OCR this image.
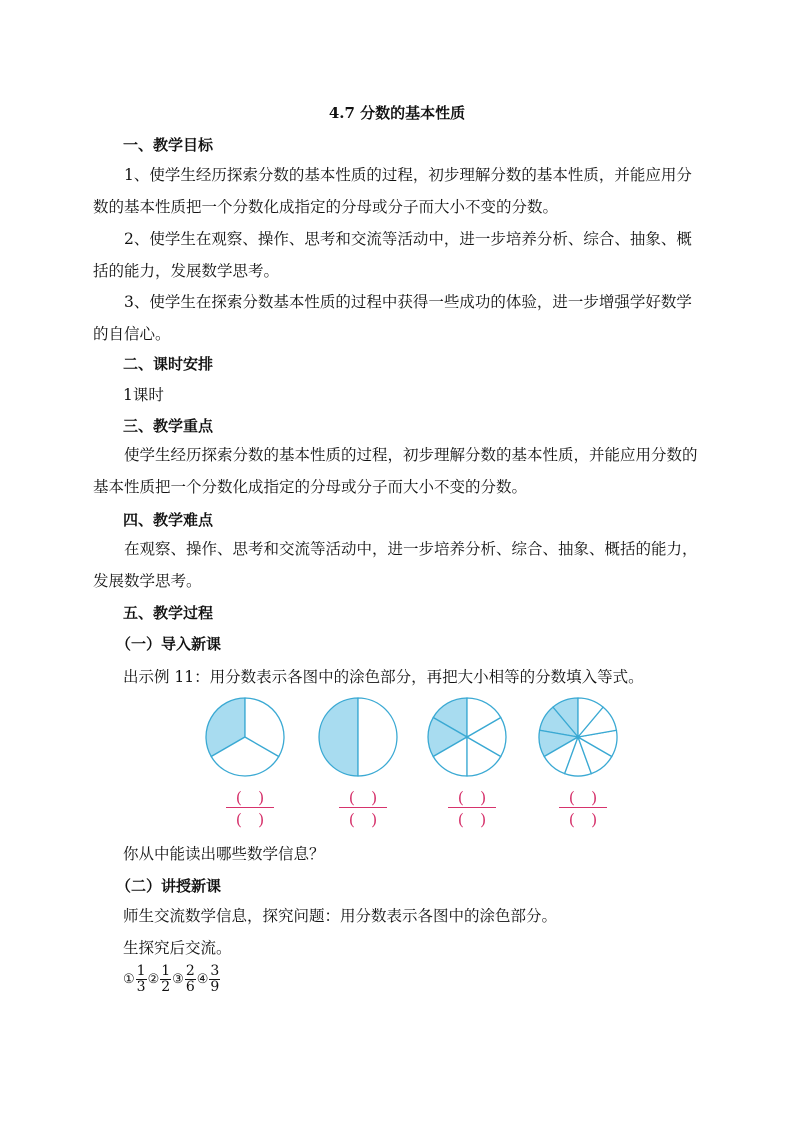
4.7 分数的基本性质
一、教学目标
1、使学生经历探索分数的基本性质的过程，初步理解分数的基本性质，并能应用分数的基本性质把一个分数化成指定的分母或分子而大小不变的分数。
2、使学生在观察、操作、思考和交流等活动中，进一步培养分析、综合、抽象、概括的能力，发展数学思考。
3、使学生在探索分数基本性质的过程中获得一些成功的体验，进一步增强学好数学的自信心。
二、课时安排
1课时
三、教学重点
使学生经历探索分数的基本性质的过程，初步理解分数的基本性质，并能应用分数的基本性质把一个分数化成指定的分母或分子而大小不变的分数。
四、教学难点
在观察、操作、思考和交流等活动中，进一步培养分析、综合、抽象、概括的能力，发展数学思考。
五、教学过程
（一）导入新课
出示例 11：用分数表示各图中的涂色部分，再把大小相等的分数填入等式。
(　)
(　)
(　)
(　)
(　)
(　)
(　)
(　)
你从中能读出哪些数学信息？
（二）讲授新课
师生交流数学信息，探究问题：用分数表示各图中的涂色部分。
生探究后交流。
① $\frac{1}{3}$ ② $\frac{1}{2}$ ③ $\frac{2}{6}$ ④ $\frac{3}{9}$
